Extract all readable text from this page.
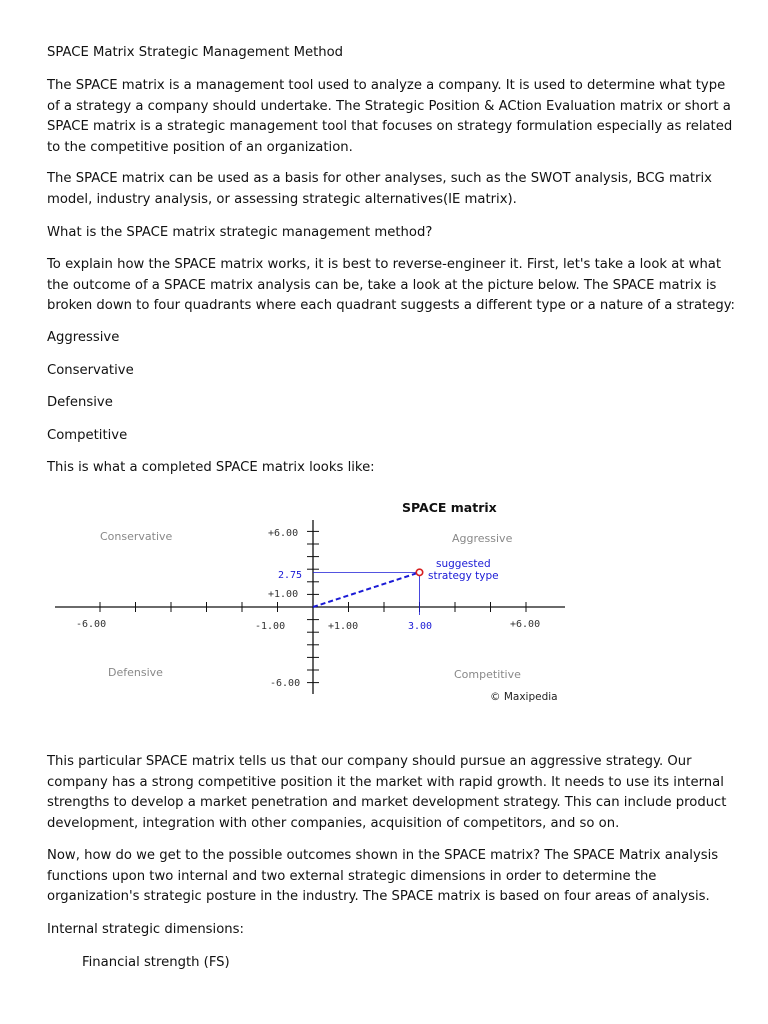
SPACE Matrix Strategic Management Method

The SPACE matrix is a management tool used to analyze a company. It is used to determine what type of a strategy a company should undertake. The Strategic Position & ACtion Evaluation matrix or short a SPACE matrix is a strategic management tool that focuses on strategy formulation especially as related to the competitive position of an organization.

The SPACE matrix can be used as a basis for other analyses, such as the SWOT analysis, BCG matrix model, industry analysis, or assessing strategic alternatives(IE matrix).

What is the SPACE matrix strategic management method?

To explain how the SPACE matrix works, it is best to reverse-engineer it. First, let's take a look at what the outcome of a SPACE matrix analysis can be, take a look at the picture below. The SPACE matrix is broken down to four quadrants where each quadrant suggests a different type or a nature of a strategy:

Aggressive

Conservative

Defensive

Competitive

This is what a completed SPACE matrix looks like:

SPACE matrix
Conservative	Aggressive
Defensive	Competitive
-6.00	-1.00	+1.00	3.00	+6.00
+6.00
2.75
+1.00
-6.00
suggested
strategy type
© Maxipedia

This particular SPACE matrix tells us that our company should pursue an aggressive strategy. Our company has a strong competitive position it the market with rapid growth. It needs to use its internal strengths to develop a market penetration and market development strategy. This can include product development, integration with other companies, acquisition of competitors, and so on.

Now, how do we get to the possible outcomes shown in the SPACE matrix? The SPACE Matrix analysis functions upon two internal and two external strategic dimensions in order to determine the organization's strategic posture in the industry. The SPACE matrix is based on four areas of analysis.

Internal strategic dimensions:

Financial strength (FS)
